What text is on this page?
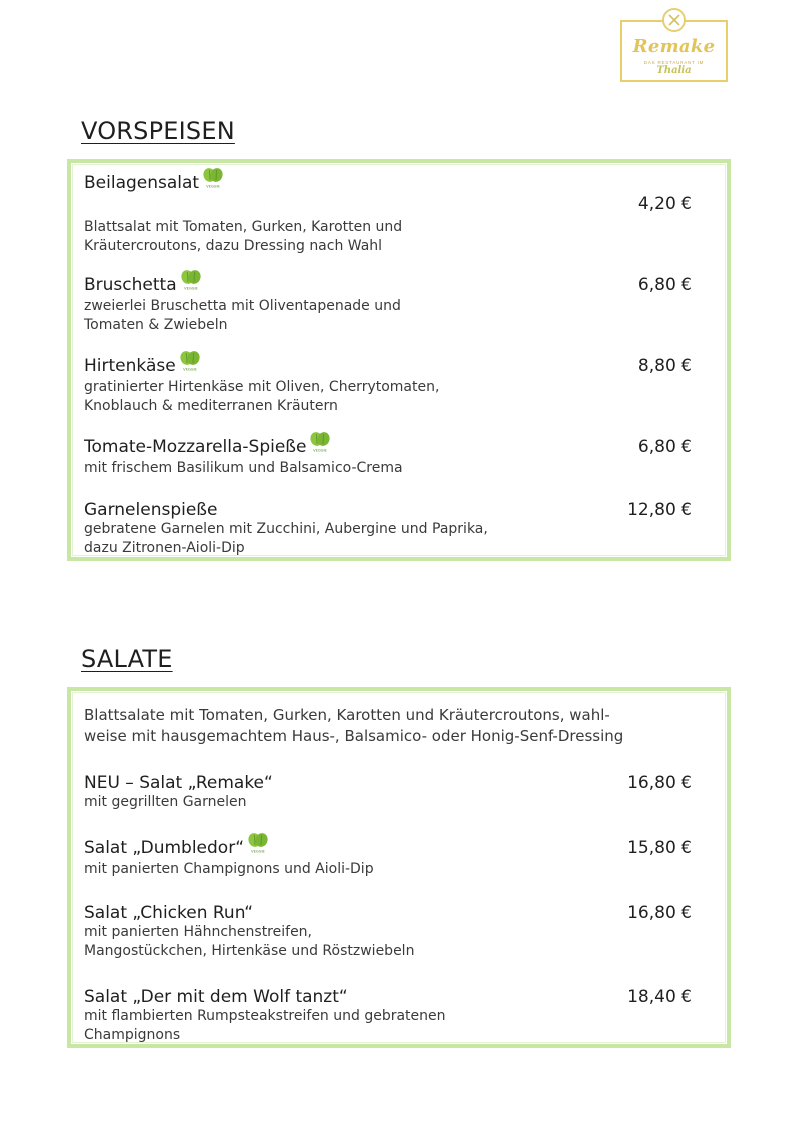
Remake
DAS RESTAURANT IM
Thalia
VORSPEISEN
Beilagensalat VEGGIE
Blattsalat mit Tomaten, Gurken, Karotten und
Kräutercroutons, dazu Dressing nach Wahl
4,20 €
Bruschetta VEGGIE
zweierlei Bruschetta mit Oliventapenade und
Tomaten & Zwiebeln
6,80 €
Hirtenkäse VEGGIE
gratinierter Hirtenkäse mit Oliven, Cherrytomaten,
Knoblauch & mediterranen Kräutern
8,80 €
Tomate-Mozzarella-Spieße VEGGIE
mit frischem Basilikum und Balsamico-Crema
6,80 €
Garnelenspieße
gebratene Garnelen mit Zucchini, Aubergine und Paprika,
dazu Zitronen-Aioli-Dip
12,80 €
SALATE
Blattsalate mit Tomaten, Gurken, Karotten und Kräutercroutons, wahl-
weise mit hausgemachtem Haus-, Balsamico- oder Honig-Senf-Dressing
NEU – Salat „Remake“
mit gegrillten Garnelen
16,80 €
Salat „Dumbledor“ VEGGIE
mit panierten Champignons und Aioli-Dip
15,80 €
Salat „Chicken Run“
mit panierten Hähnchenstreifen,
Mangostückchen, Hirtenkäse und Röstzwiebeln
16,80 €
Salat „Der mit dem Wolf tanzt“
mit flambierten Rumpsteakstreifen und gebratenen
Champignons
18,40 €
